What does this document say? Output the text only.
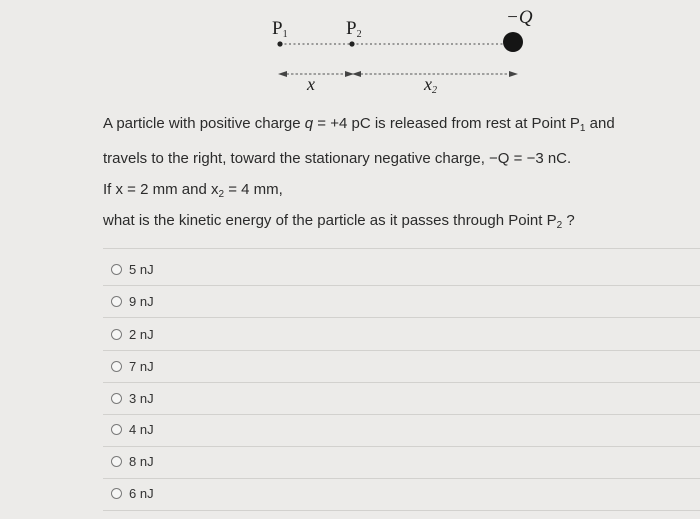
$P_1$	$P_2$
−Q
x	$x_2$
A particle with positive charge q = +4 pC is released from rest at Point $P_1$ and
travels to the right, toward the stationary negative charge, −Q = −3 nC.
If x = 2 mm and $x_2 = 4$ mm,
what is the kinetic energy of the particle as it passes through Point $P_2$ ?
5 nJ
9 nJ
2 nJ
7 nJ
3 nJ
4 nJ
8 nJ
6 nJ
